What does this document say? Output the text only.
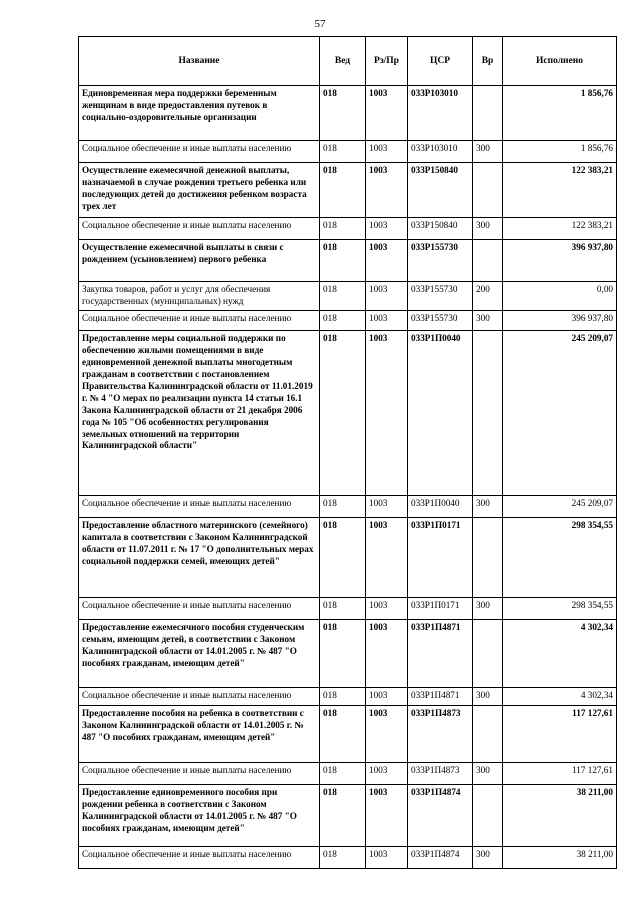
57
Название	Вед	Рз/Пр	ЦСР	Вр	Исполнено
Единовременная мера поддержки беременным женщинам в виде предоставления путевок в социально-оздоровительные организации	018	1003	033P103010		1 856,76
Социальное обеспечение и иные выплаты населению	018	1003	033P103010	300	1 856,76
Осуществление ежемесячной денежной выплаты, назначаемой в случае рождения третьего ребенка или последующих детей до достижения ребенком возраста трех лет	018	1003	033P150840		122 383,21
Социальное обеспечение и иные выплаты населению	018	1003	033P150840	300	122 383,21
Осуществление ежемесячной выплаты в связи с рождением (усыновлением) первого ребенка	018	1003	033P155730		396 937,80
Закупка товаров, работ и услуг для обеспечения государственных (муниципальных) нужд	018	1003	033P155730	200	0,00
Социальное обеспечение и иные выплаты населению	018	1003	033P155730	300	396 937,80
Предоставление меры социальной поддержки по обеспечению жилыми помещениями в виде единовременной денежной выплаты многодетным гражданам в соответствии с постановлением Правительства Калининградской области от 11.01.2019 г. № 4 "О мерах по реализации пункта 14 статьи 16.1 Закона Калининградской области от 21 декабря 2006 года № 105 "Об особенностях регулирования земельных отношений на территории Калининградской области"	018	1003	033P1П0040		245 209,07
Социальное обеспечение и иные выплаты населению	018	1003	033P1П0040	300	245 209,07
Предоставление областного материнского (семейного) капитала в соответствии с Законом Калининградской области от 11.07.2011 г. № 17 "О дополнительных мерах социальной поддержки семей, имеющих детей"	018	1003	033P1П0171		298 354,55
Социальное обеспечение и иные выплаты населению	018	1003	033P1П0171	300	298 354,55
Предоставление ежемесячного пособия студенческим семьям, имеющим детей, в соответствии с Законом Калининградской области от 14.01.2005 г. № 487 "О пособиях гражданам, имеющим детей"	018	1003	033P1П4871		4 302,34
Социальное обеспечение и иные выплаты населению	018	1003	033P1П4871	300	4 302,34
Предоставление пособия на ребенка в соответствии с Законом Калининградской области от 14.01.2005 г. № 487 "О пособиях гражданам, имеющим детей"	018	1003	033P1П4873		117 127,61
Социальное обеспечение и иные выплаты населению	018	1003	033P1П4873	300	117 127,61
Предоставление единовременного пособия при рождении ребенка в соответствии с Законом Калининградской области от 14.01.2005 г. № 487 "О пособиях гражданам, имеющим детей"	018	1003	033P1П4874		38 211,00
Социальное обеспечение и иные выплаты населению	018	1003	033P1П4874	300	38 211,00
